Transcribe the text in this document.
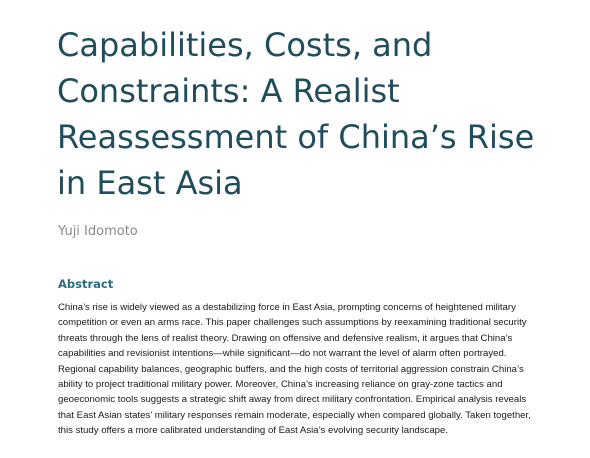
Capabilities, Costs, and Constraints: A Realist Reassessment of China’s Rise in East Asia

Yuji Idomoto

Abstract

China’s rise is widely viewed as a destabilizing force in East Asia, prompting concerns of heightened military competition or even an arms race. This paper challenges such assumptions by reexamining traditional security threats through the lens of realist theory. Drawing on offensive and defensive realism, it argues that China’s capabilities and revisionist intentions—while significant—do not warrant the level of alarm often portrayed. Regional capability balances, geographic buffers, and the high costs of territorial aggression constrain China’s ability to project traditional military power. Moreover, China’s increasing reliance on gray-zone tactics and geoeconomic tools suggests a strategic shift away from direct military confrontation. Empirical analysis reveals that East Asian states’ military responses remain moderate, especially when compared globally. Taken together, this study offers a more calibrated understanding of East Asia’s evolving security landscape.
